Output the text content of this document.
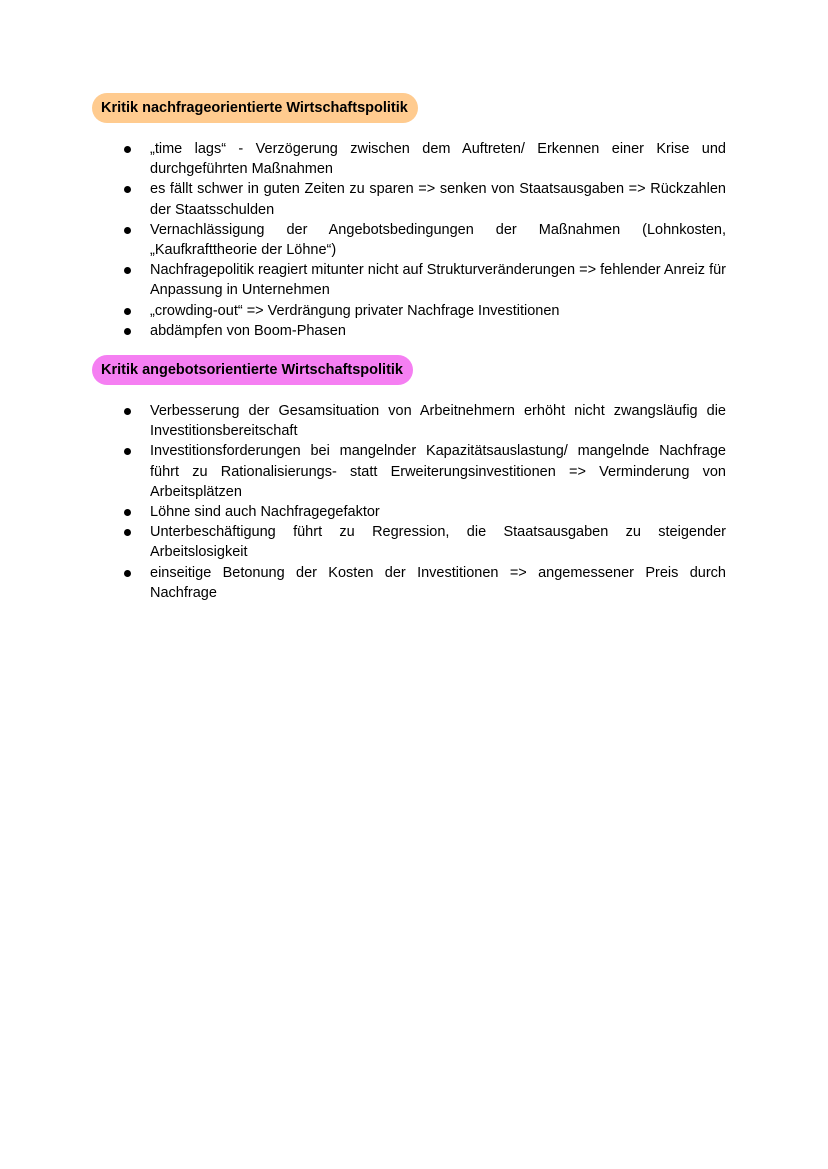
Kritik nachfrageorientierte Wirtschaftspolitik
„time lags“ - Verzögerung zwischen dem Auftreten/ Erkennen einer Krise und durchgeführten Maßnahmen
es fällt schwer in guten Zeiten zu sparen => senken von Staatsausgaben => Rückzahlen der Staatsschulden
Vernachlässigung der Angebotsbedingungen der Maßnahmen (Lohnkosten, „Kaufkrafttheorie der Löhne“)
Nachfragepolitik reagiert mitunter nicht auf Strukturveränderungen => fehlender Anreiz für Anpassung in Unternehmen
„crowding-out“ => Verdrängung privater Nachfrage Investitionen
abdämpfen von Boom-Phasen
Kritik angebotsorientierte Wirtschaftspolitik
Verbesserung der Gesamsituation von Arbeitnehmern erhöht nicht zwangsläufig die Investitionsbereitschaft
Investitionsforderungen bei mangelnder Kapazitätsauslastung/ mangelnde Nachfrage führt zu Rationalisierungs- statt Erweiterungsinvestitionen => Verminderung von Arbeitsplätzen
Löhne sind auch Nachfragegefaktor
Unterbeschäftigung führt zu Regression, die Staatsausgaben zu steigender Arbeitslosigkeit
einseitige Betonung der Kosten der Investitionen => angemessener Preis durch Nachfrage
